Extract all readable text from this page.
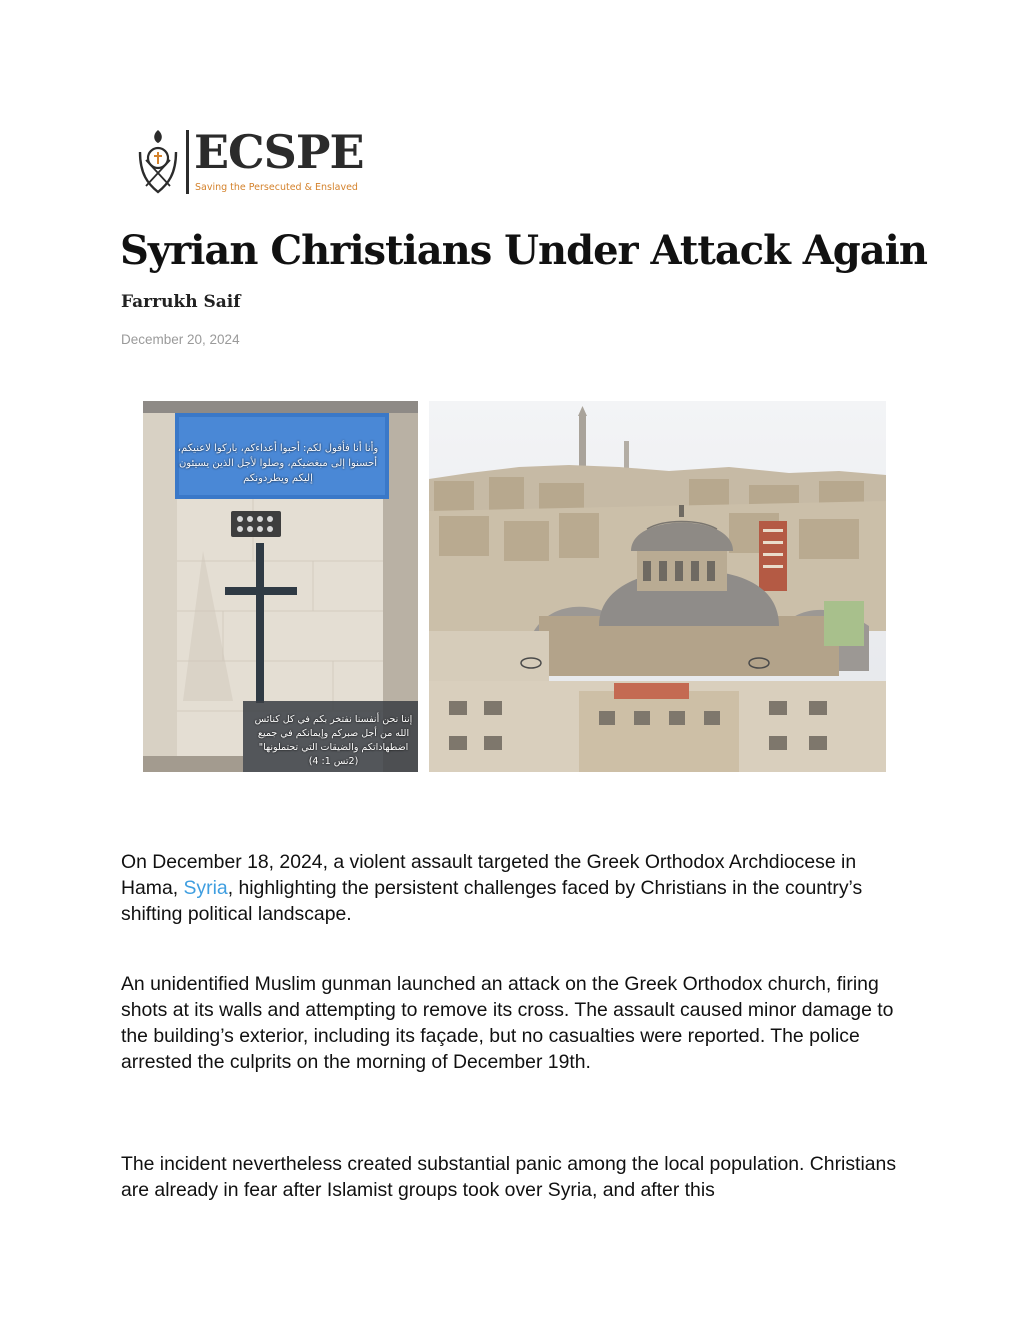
ECSPE
Saving the Persecuted & Enslaved
Syrian Christians Under Attack Again
Farrukh Saif
December 20, 2024
وأنا أنا فأقول لكم: أحبوا أعداءكم، باركوا لاعنيكم، أحسنوا إلى مبغضيكم، وصلوا لأجل الذين يسيئون إليكم ويطردونكم
إننا نحن أنفسنا نفتخر بكم في كل كنائس الله من أجل صبركم وإيمانكم في جميع اضطهاداتكم والضيقات التي تحتملونها" (2تس 1: 4)

On December 18, 2024, a violent assault targeted the Greek Orthodox Archdiocese in Hama, Syria, highlighting the persistent challenges faced by Christians in the country’s shifting political landscape.

An unidentified Muslim gunman launched an attack on the Greek Orthodox church, firing shots at its walls and attempting to remove its cross. The assault caused minor damage to the building’s exterior, including its façade, but no casualties were reported. The police arrested the culprits on the morning of December 19th.

The incident nevertheless created substantial panic among the local population. Christians are already in fear after Islamist groups took over Syria, and after this
